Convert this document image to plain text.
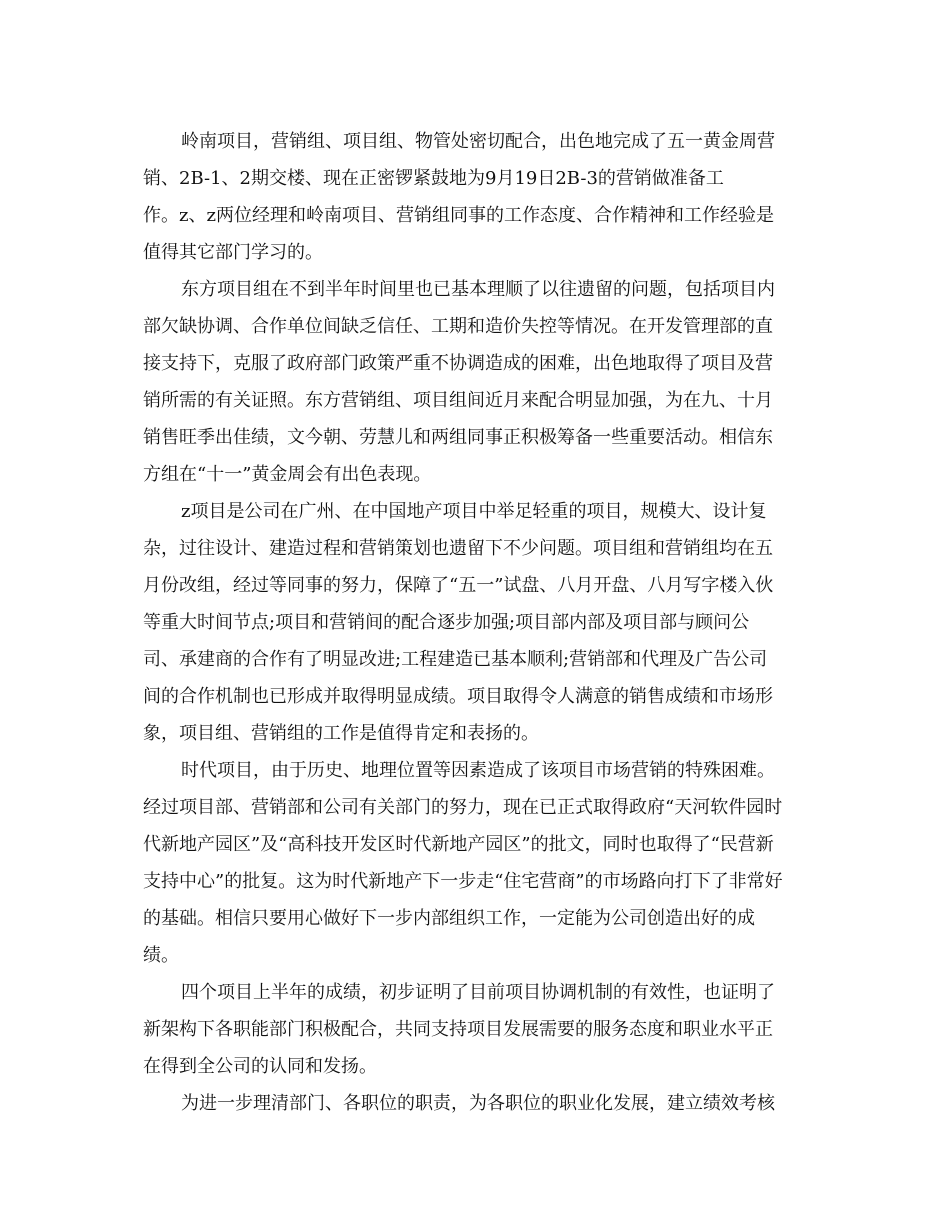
岭南项目，营销组、项目组、物管处密切配合，出色地完成了五一黄金周营
销、2B-1、2期交楼、现在正密锣紧鼓地为9月19日2B-3的营销做准备工
作。z、z两位经理和岭南项目、营销组同事的工作态度、合作精神和工作经验是
值得其它部门学习的。
东方项目组在不到半年时间里也已基本理顺了以往遗留的问题，包括项目内
部欠缺协调、合作单位间缺乏信任、工期和造价失控等情况。在开发管理部的直
接支持下，克服了政府部门政策严重不协调造成的困难，出色地取得了项目及营
销所需的有关证照。东方营销组、项目组间近月来配合明显加强，为在九、十月
销售旺季出佳绩，文今朝、劳慧儿和两组同事正积极筹备一些重要活动。相信东
方组在“十一”黄金周会有出色表现。
z项目是公司在广州、在中国地产项目中举足轻重的项目，规模大、设计复
杂，过往设计、建造过程和营销策划也遗留下不少问题。项目组和营销组均在五
月份改组，经过等同事的努力，保障了“五一”试盘、八月开盘、八月写字楼入伙
等重大时间节点;项目和营销间的配合逐步加强;项目部内部及项目部与顾问公
司、承建商的合作有了明显改进;工程建造已基本顺利;营销部和代理及广告公司
间的合作机制也已形成并取得明显成绩。项目取得令人满意的销售成绩和市场形
象，项目组、营销组的工作是值得肯定和表扬的。
时代项目，由于历史、地理位置等因素造成了该项目市场营销的特殊困难。
经过项目部、营销部和公司有关部门的努力，现在已正式取得政府“天河软件园时
代新地产园区”及“高科技开发区时代新地产园区”的批文，同时也取得了“民营新
支持中心”的批复。这为时代新地产下一步走“住宅营商”的市场路向打下了非常好
的基础。相信只要用心做好下一步内部组织工作，一定能为公司创造出好的成
绩。
四个项目上半年的成绩，初步证明了目前项目协调机制的有效性，也证明了
新架构下各职能部门积极配合，共同支持项目发展需要的服务态度和职业水平正
在得到全公司的认同和发扬。
为进一步理清部门、各职位的职责，为各职位的职业化发展，建立绩效考核
